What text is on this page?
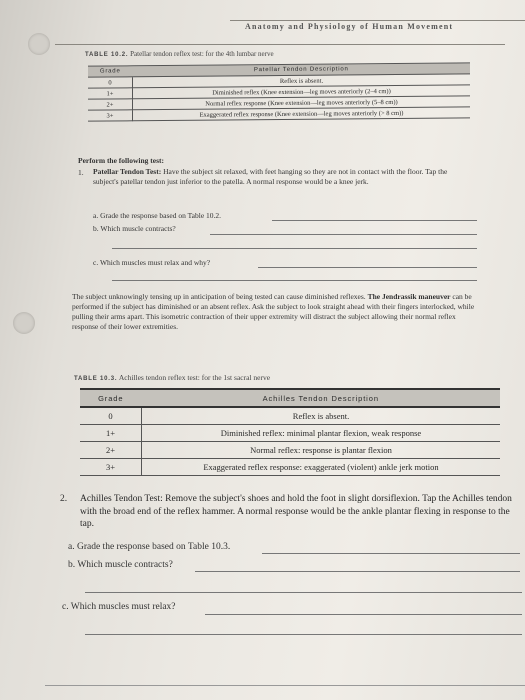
Anatomy and Physiology of Human Movement
TABLE 10.2. Patellar tendon reflex test: for the 4th lumbar nerve
Grade	Patellar Tendon Description
0	Reflex is absent.
1+	Diminished reflex (Knee extension—leg moves anteriorly (2–4 cm))
2+	Normal reflex response (Knee extension—leg moves anteriorly (5–8 cm))
3+	Exaggerated reflex response (Knee extension—leg moves anteriorly (> 8 cm))
Perform the following test:
1. Patellar Tendon Test: Have the subject sit relaxed, with feet hanging so they are not in contact with the floor. Tap the subject's patellar tendon just inferior to the patella. A normal response would be a knee jerk.
a. Grade the response based on Table 10.2.
b. Which muscle contracts?
c. Which muscles must relax and why?
The subject unknowingly tensing up in anticipation of being tested can cause diminished reflexes. The Jendrassik maneuver can be performed if the subject has diminished or an absent reflex. Ask the subject to look straight ahead with their fingers interlocked, while pulling their arms apart. This isometric contraction of their upper extremity will distract the subject allowing their normal reflex response of their lower extremities.
TABLE 10.3. Achilles tendon reflex test: for the 1st sacral nerve
Grade	Achilles Tendon Description
0	Reflex is absent.
1+	Diminished reflex: minimal plantar flexion, weak response
2+	Normal reflex: response is plantar flexion
3+	Exaggerated reflex response: exaggerated (violent) ankle jerk motion
2. Achilles Tendon Test: Remove the subject's shoes and hold the foot in slight dorsiflexion. Tap the Achilles tendon with the broad end of the reflex hammer. A normal response would be the ankle plantar flexing in response to the tap.
a. Grade the response based on Table 10.3.
b. Which muscle contracts?
c. Which muscles must relax?
